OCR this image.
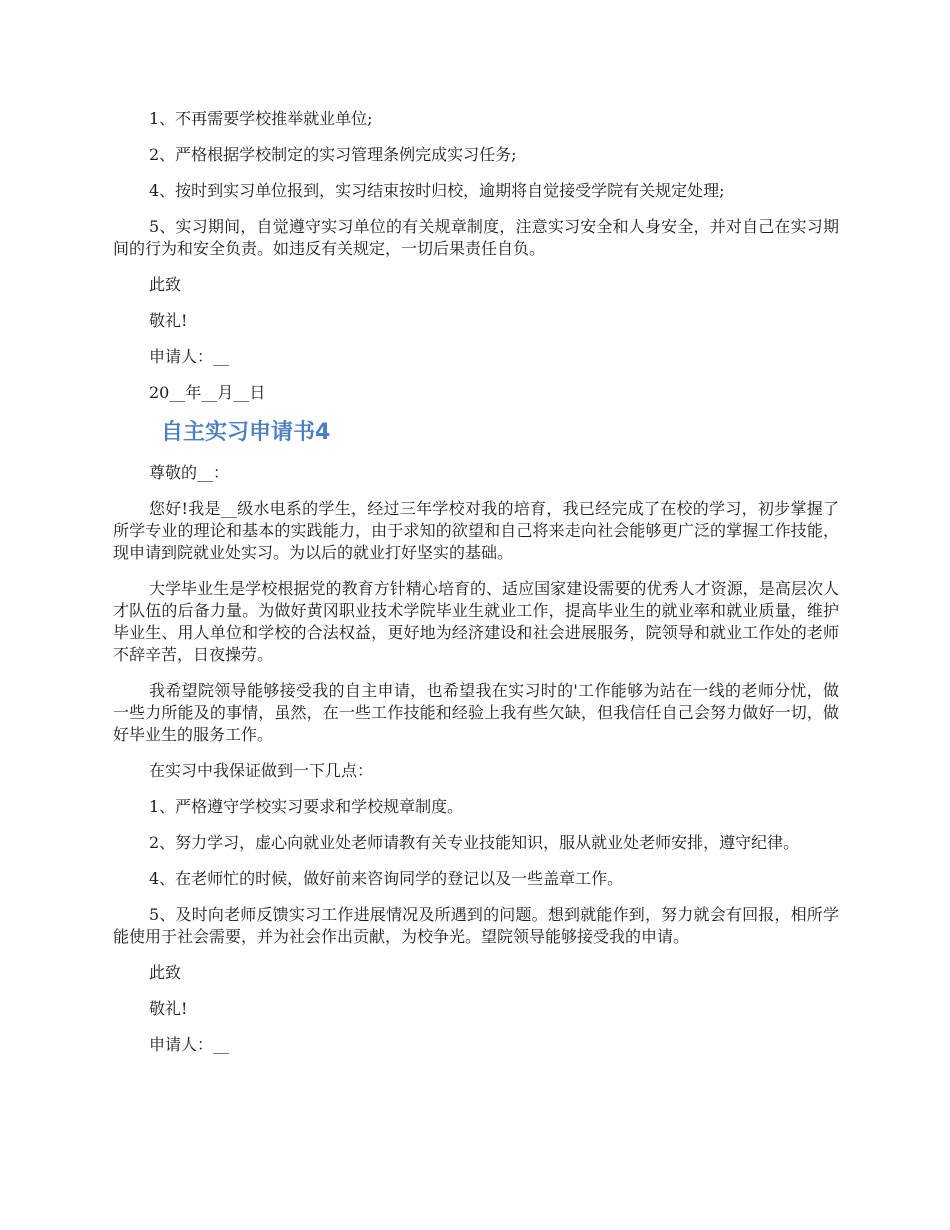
1、不再需要学校推举就业单位;

2、严格根据学校制定的实习管理条例完成实习任务;

4、按时到实习单位报到，实习结束按时归校，逾期将自觉接受学院有关规定处理;

5、实习期间，自觉遵守实习单位的有关规章制度，注意实习安全和人身安全，并对自己在实习期间的行为和安全负责。如违反有关规定，一切后果责任自负。

此致

敬礼!

申请人：__

20__年__月__日

自主实习申请书4

尊敬的__：

您好!我是__级水电系的学生，经过三年学校对我的培育，我已经完成了在校的学习，初步掌握了所学专业的理论和基本的实践能力，由于求知的欲望和自己将来走向社会能够更广泛的掌握工作技能，现申请到院就业处实习。为以后的就业打好坚实的基础。

大学毕业生是学校根据党的教育方针精心培育的、适应国家建设需要的优秀人才资源，是高层次人才队伍的后备力量。为做好黄冈职业技术学院毕业生就业工作，提高毕业生的就业率和就业质量，维护毕业生、用人单位和学校的合法权益，更好地为经济建设和社会进展服务，院领导和就业工作处的老师不辞辛苦，日夜操劳。

我希望院领导能够接受我的自主申请，也希望我在实习时的'工作能够为站在一线的老师分忧，做一些力所能及的事情，虽然，在一些工作技能和经验上我有些欠缺，但我信任自己会努力做好一切，做好毕业生的服务工作。

在实习中我保证做到一下几点：

1、严格遵守学校实习要求和学校规章制度。

2、努力学习，虚心向就业处老师请教有关专业技能知识，服从就业处老师安排，遵守纪律。

4、在老师忙的时候，做好前来咨询同学的登记以及一些盖章工作。

5、及时向老师反馈实习工作进展情况及所遇到的问题。想到就能作到，努力就会有回报，相所学能使用于社会需要，并为社会作出贡献，为校争光。望院领导能够接受我的申请。

此致

敬礼!

申请人：__
